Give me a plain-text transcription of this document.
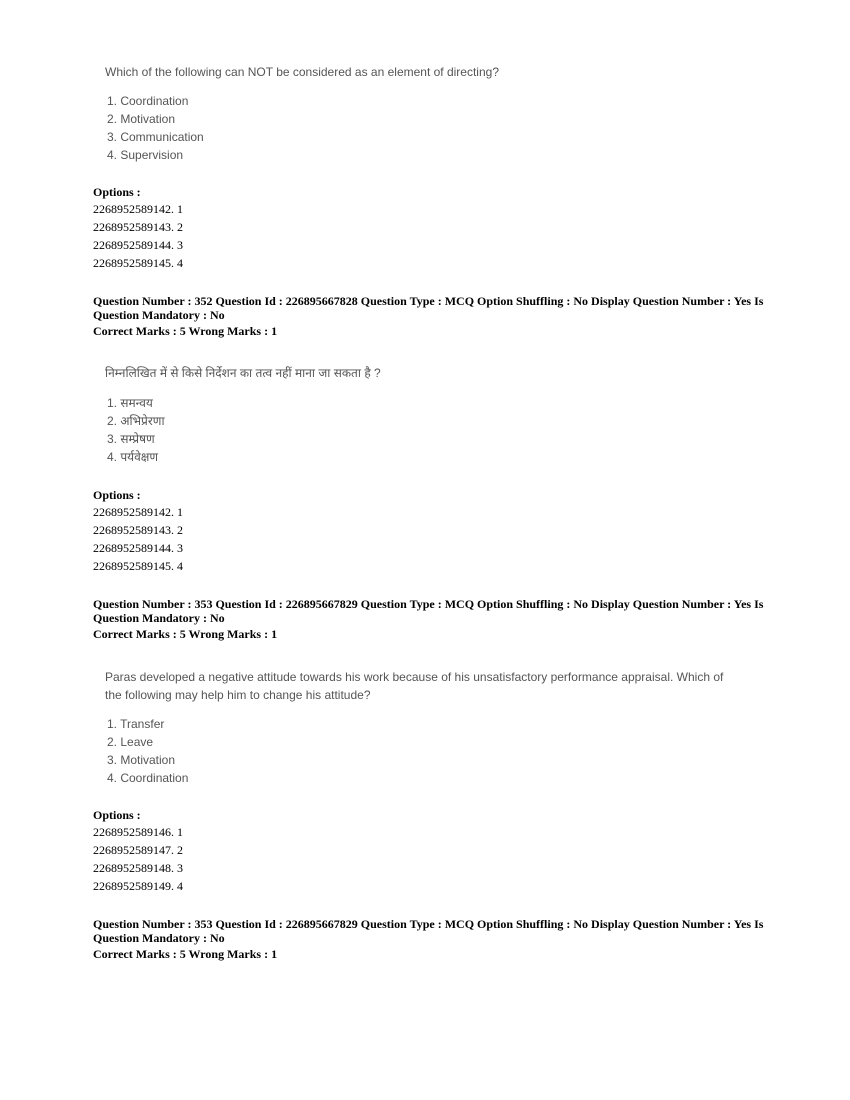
Which of the following can NOT be considered as an element of directing?
1. Coordination
2. Motivation
3. Communication
4. Supervision
Options :
2268952589142. 1
2268952589143. 2
2268952589144. 3
2268952589145. 4

Question Number : 352 Question Id : 226895667828 Question Type : MCQ Option Shuffling : No Display Question Number : Yes Is Question Mandatory : No

Correct Marks : 5 Wrong Marks : 1

निम्नलिखित में से किसे निर्देशन का तत्व नहीं माना जा सकता है ?
1. समन्वय
2. अभिप्रेरणा
3. सम्प्रेषण
4. पर्यवेक्षण
Options :
2268952589142. 1
2268952589143. 2
2268952589144. 3
2268952589145. 4

Question Number : 353 Question Id : 226895667829 Question Type : MCQ Option Shuffling : No Display Question Number : Yes Is Question Mandatory : No

Correct Marks : 5 Wrong Marks : 1

Paras developed a negative attitude towards his work because of his unsatisfactory performance appraisal. Which of
the following may help him to change his attitude?
1. Transfer
2. Leave
3. Motivation
4. Coordination
Options :
2268952589146. 1
2268952589147. 2
2268952589148. 3
2268952589149. 4

Question Number : 353 Question Id : 226895667829 Question Type : MCQ Option Shuffling : No Display Question Number : Yes Is Question Mandatory : No

Correct Marks : 5 Wrong Marks : 1
